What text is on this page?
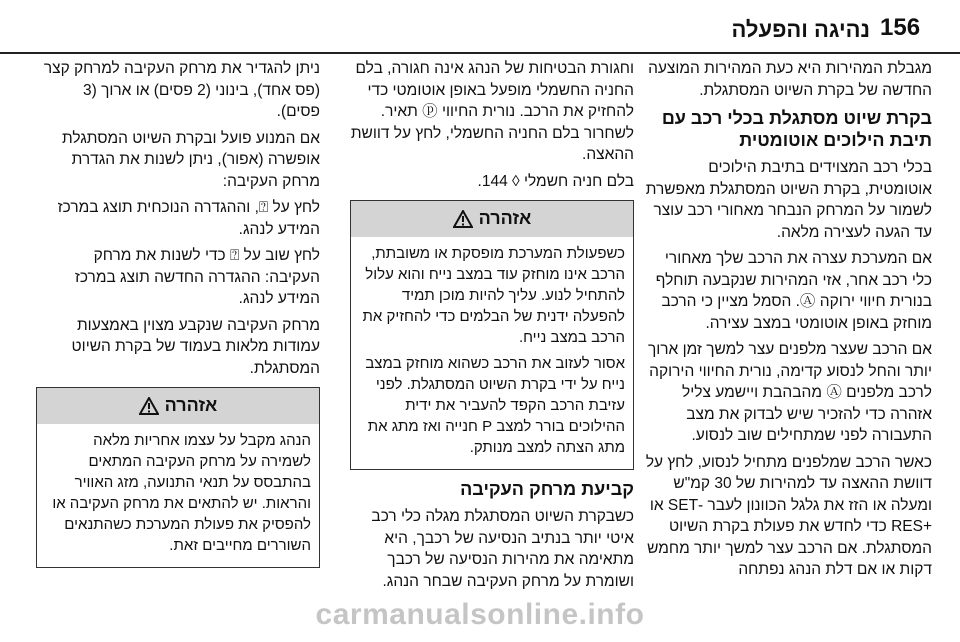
156
נהיגה והפעלה

מגבלת המהירות היא כעת המהירות המוצעה החדשה של בקרת השיוט המסתגלת.

בקרת שיוט מסתגלת בכלי רכב עם תיבת הילוכים אוטומטית

בכלי רכב המצוידים בתיבת הילוכים אוטומטית, בקרת השיוט המסתגלת מאפשרת לשמור על המרחק הנבחר מאחורי רכב עוצר עד הגעה לעצירה מלאה.

אם המערכת עצרה את הרכב שלך מאחורי כלי רכב אחר, אזי המהירות שנקבעה תוחלף בנורית חיווי ירוקה Ⓐ. הסמל מציין כי הרכב מוחזק באופן אוטומטי במצב עצירה.

אם הרכב שעצר מלפנים עצר למשך זמן ארוך יותר והחל לנסוע קדימה, נורית החיווי הירוקה לרכב מלפנים Ⓐ מהבהבת ויישמע צליל אזהרה כדי להזכיר שיש לבדוק את מצב התעבורה לפני שמתחילים שוב לנסוע.

כאשר הרכב שמלפנים מתחיל לנסוע, לחץ על דוושת ההאצה עד למהירות של 30 קמ"ש ומעלה או הזז את גלגל הכוונון לעבר -SET או +RES כדי לחדש את פעולת בקרת השיוט המסתגלת. אם הרכב עצר למשך יותר מחמש דקות או אם דלת הנהג נפתחה

וחגורת הבטיחות של הנהג אינה חגורה, בלם החניה החשמלי מופעל באופן אוטומטי כדי להחזיק את הרכב. נורית החיווי ⓟ תאיר. לשחרור בלם החניה החשמלי, לחץ על דוושת ההאצה.

בלם חניה חשמלי ◊ 144.

אזהרה

כשפעולת המערכת מופסקת או משובתת, הרכב אינו מוחזק עוד במצב נייח והוא עלול להתחיל לנוע. עליך להיות מוכן תמיד להפעלה ידנית של הבלמים כדי להחזיק את הרכב במצב נייח.

אסור לעזוב את הרכב כשהוא מוחזק במצב נייח על ידי בקרת השיוט המסתגלת. לפני עזיבת הרכב הקפד להעביר את ידית ההילוכים בורר למצב P חנייה ואז מתג את מתג הצתה למצב מנותק.

קביעת מרחק העקיבה

כשבקרת השיוט המסתגלת מגלה כלי רכב איטי יותר בנתיב הנסיעה של רכבך, היא מתאימה את מהירות הנסיעה של רכבך ושומרת על מרחק העקיבה שבחר הנהג.

ניתן להגדיר את מרחק העקיבה למרחק קצר (פס אחד), בינוני (2 פסים) או ארוך (3 פסים).

אם המנוע פועל ובקרת השיוט המסתגלת אופשרה (אפור), ניתן לשנות את הגדרת מרחק העקיבה:

לחץ על ⍰, וההגדרה הנוכחית תוצג במרכז המידע לנהג.

לחץ שוב על ⍰ כדי לשנות את מרחק העקיבה: ההגדרה החדשה תוצג במרכז המידע לנהג.

מרחק העקיבה שנקבע מצוין באמצעות עמודות מלאות בעמוד של בקרת השיוט המסתגלת.

אזהרה

הנהג מקבל על עצמו אחריות מלאה לשמירה על מרחק העקיבה המתאים בהתבסס על תנאי התנועה, מזג האוויר והראות. יש להתאים את מרחק העקיבה או להפסיק את פעולת המערכת כשהתנאים השוררים מחייבים זאת.

carmanualsonline.info
